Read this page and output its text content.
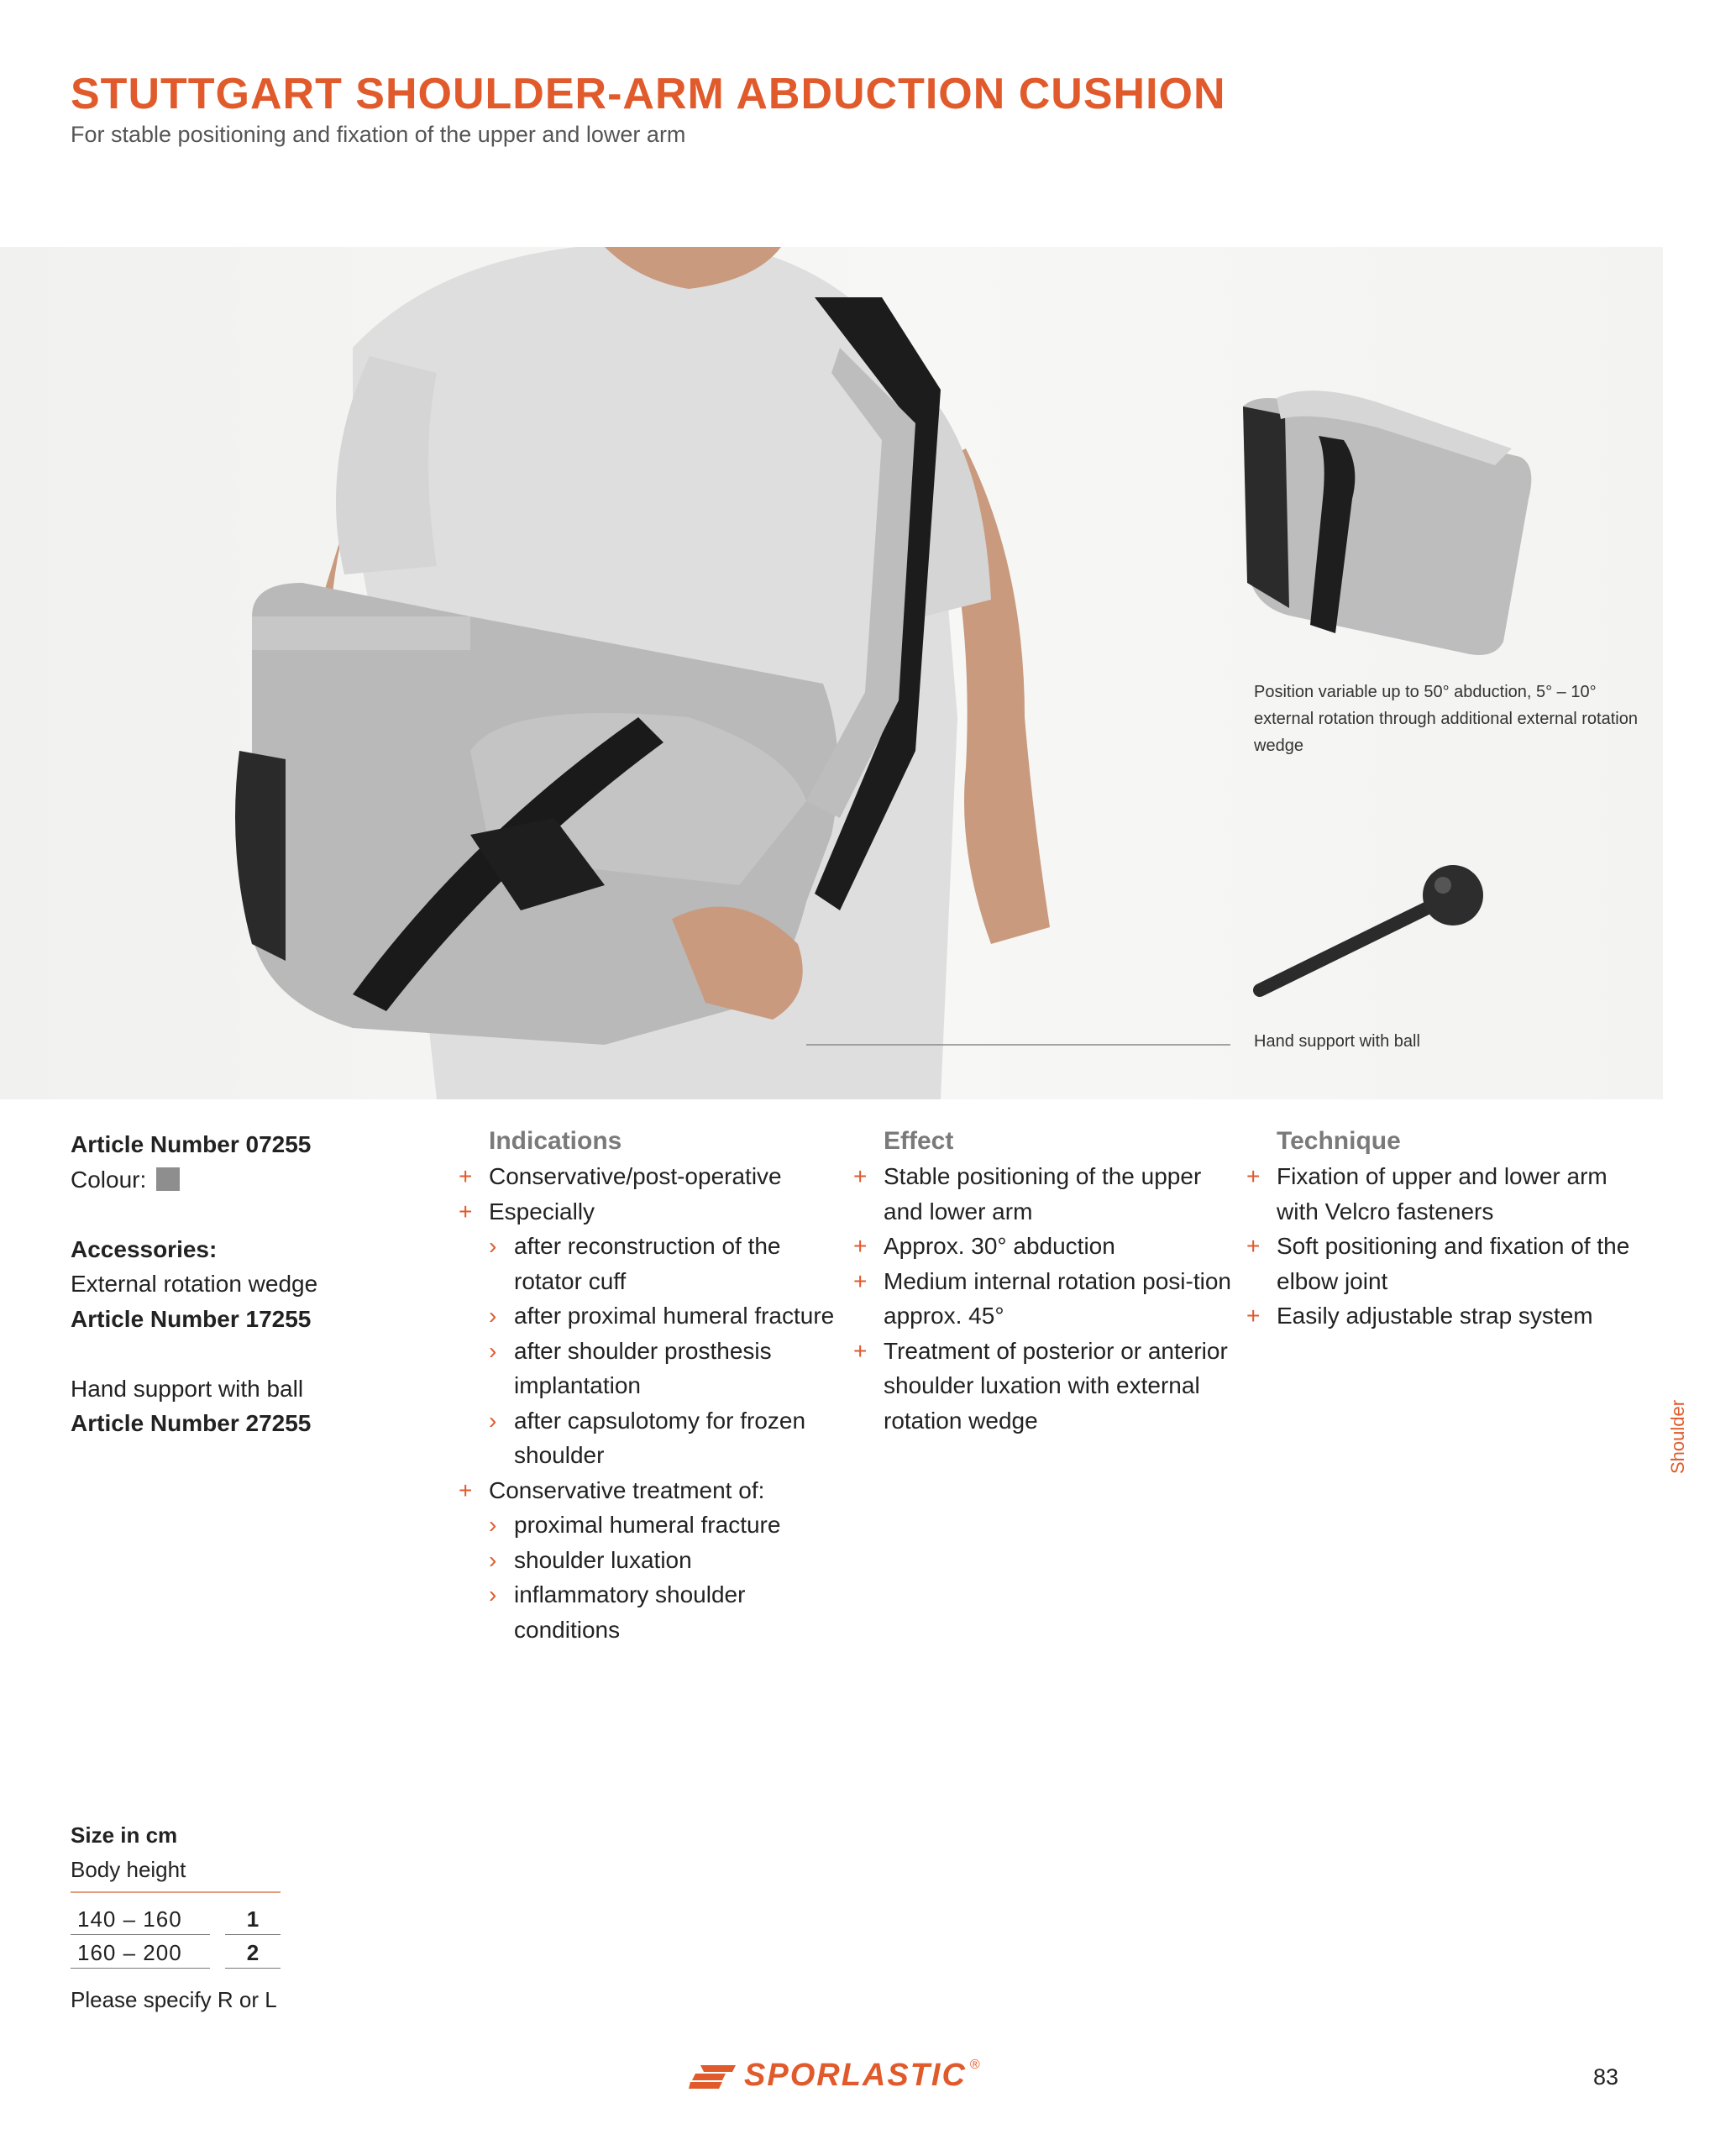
STUTTGART SHOULDER-ARM ABDUCTION CUSHION
For stable positioning and fixation of the upper and lower arm
Position variable up to 50° abduction, 5° – 10° external rotation through additional external rotation wedge
Hand support with ball
Article Number 07255
Colour:
Accessories:
External rotation wedge
Article Number 17255
Hand support with ball
Article Number 27255
Indications
+ Conservative/post-operative
+ Especially
› after reconstruction of the rotator cuff
› after proximal humeral fracture
› after shoulder prosthesis implantation
› after capsulotomy for frozen shoulder
+ Conservative treatment of:
› proximal humeral fracture
› shoulder luxation
› inflammatory shoulder conditions
Effect
+ Stable positioning of the upper and lower arm
+ Approx. 30° abduction
+ Medium internal rotation posi-tion approx. 45°
+ Treatment of posterior or anterior shoulder luxation with external rotation wedge
Technique
+ Fixation of upper and lower arm with Velcro fasteners
+ Soft positioning and fixation of the elbow joint
+ Easily adjustable strap system
Shoulder
Size in cm
Body height

140 – 160		1
160 – 200		2
Please specify R or L
SPORLASTIC ®	83
